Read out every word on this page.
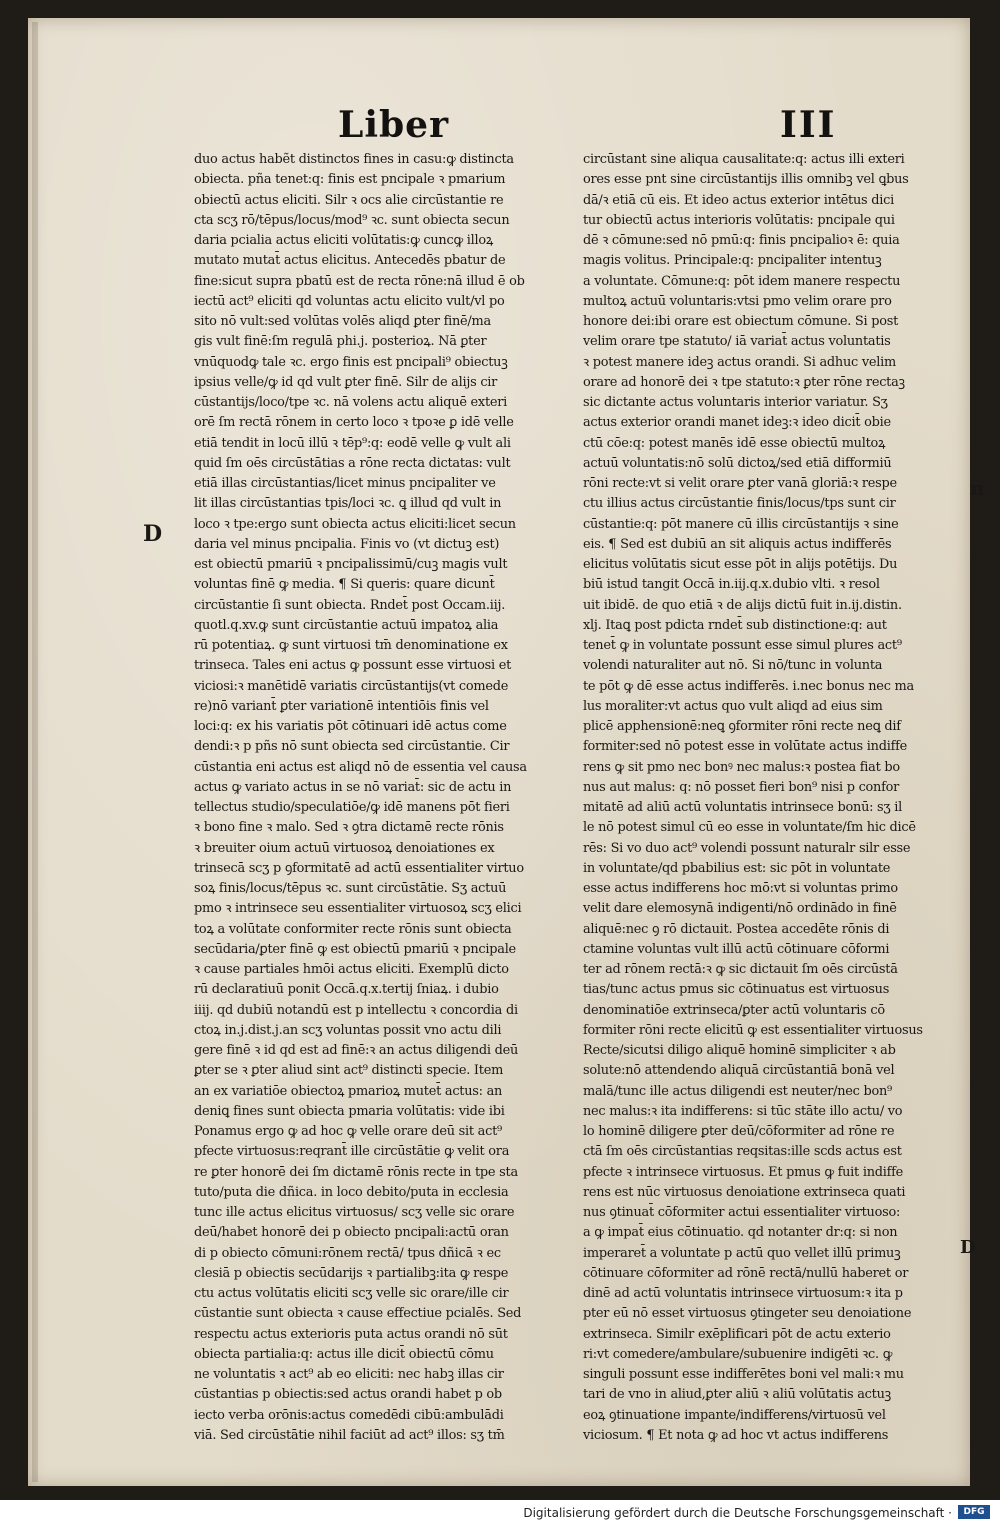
Liber	III
duo actus habẽt distinctos fines in casu:ꝙ distincta
obiecta. pña tenet:q: finis est pncipale ꝛ pmarium
obiectū actus eliciti. Silr ꝛ ocs alie circūstantie re
cta scʒ rō/tēpus/locus/mod⁹ ꝛc. sunt obiecta secun
daria pcialia actus eliciti volūtatis:ꝙ cuncꝙ illoꝝ
mutato mutat̄ actus elicitus. Antecedēs pbatur de
fine:sicut supra pbatū est de recta rōne:nā illud ē ob
iectū act⁹ eliciti qd voluntas actu elicito vult/vl po
sito nō vult:sed volūtas volēs aliqd ꝑter finē/ma
gis vult finē:ſm regulā phi.j. posterioꝝ. Nā ꝑter
vnūquodꝙ tale ꝛc. ergo finis est pncipali⁹ obiectuꝫ
ipsius velle/ꝙ id qd vult ꝑter finē. Silr de alijs cir
cūstantijs/loco/tpe ꝛc. nā volens actu aliquē exteri
orē ſm rectā rōnem in certo loco ꝛ tpoꝛe ꝑ idē velle
etiā tendit in locū illū ꝛ tēp⁹:q: eodē velle ꝙ vult ali
quid ſm oēs circūstātias a rōne recta dictatas: vult
etiā illas circūstantias/licet minus pncipaliter ve
lit illas circūstantias tpis/loci ꝛc. ꝗ illud qd vult in
loco ꝛ tpe:ergo sunt obiecta actus eliciti:licet secun
daria vel minus pncipalia. Finis vo (vt dictuꝫ est)
est obiectū pmariū ꝛ pncipalissimū/cuꝫ magis vult
voluntas finē ꝙ media. ¶ Si queris: quare dicunt̄
circūstantie ſi sunt obiecta. Rndet̄ post Occam.iij.
quotl.q.xv.ꝙ sunt circūstantie actuū impatoꝝ alia
rū potentiaꝝ. ꝙ sunt virtuosi tm̄ denominatione ex
trinseca. Tales eni actus ꝙ possunt esse virtuosi et
viciosi:ꝛ manētidē variatis circūstantijs(vt comede
re)nō variant̄ ꝑter variationē intentiōis finis vel
loci:q: ex his variatis pōt cōtinuari idē actus come
dendi:ꝛ p pñs nō sunt obiecta sed circūstantie. Cir
cūstantia eni actus est aliqd nō de essentia vel causa
actus ꝙ variato actus in se nō variat̄: sic de actu in
tellectus studio/speculatiōe/ꝙ idē manens pōt fieri
ꝛ bono fine ꝛ malo. Sed ꝛ ꝯtra dictamē recte rōnis
ꝛ breuiter oium actuū virtuosoꝝ denoiationes ex
trinsecā scʒ p ꝯformitatē ad actū essentialiter virtuo
soꝝ finis/locus/tēpus ꝛc. sunt circūstātie. Sʒ actuū
pmo ꝛ intrinsece seu essentialiter virtuosoꝝ scʒ elici
toꝝ a volūtate conformiter recte rōnis sunt obiecta
secūdaria/ꝑter finē ꝙ est obiectū pmariū ꝛ pncipale
ꝛ cause partiales hmōi actus eliciti. Exemplū dicto
rū declaratiuū ponit Occā.q.x.tertij ſniaꝝ. i dubio
iiij. qd dubiū notandū est p intellectu ꝛ concordia di
ctoꝝ in.j.dist.j.an scʒ voluntas possit vno actu dili
gere finē ꝛ id qd est ad finē:ꝛ an actus diligendi deū
ꝑter se ꝛ ꝑter aliud sint act⁹ distincti specie. Item
an ex variatiōe obiectoꝝ pmarioꝝ mutet̄ actus: an
deniꝗ fines sunt obiecta pmaria volūtatis: vide ibi
Ponamus ergo ꝙ ad hoc ꝙ velle orare deū sit act⁹
pfecte virtuosus:reqrant̄ ille circūstātie ꝙ velit ora
re ꝑter honorē dei ſm dictamē rōnis recte in tpe sta
tuto/puta die dñica. in loco debito/puta in ecclesia
tunc ille actus elicitus virtuosus/ scʒ velle sic orare
deū/habet honorē dei p obiecto pncipali:actū oran
di p obiecto cōmuni:rōnem rectā/ tpus dñicā ꝛ ec
clesiā p obiectis secūdarijs ꝛ partialibꝫ:ita ꝙ respe
ctu actus volūtatis eliciti scʒ velle sic orare/ille cir
cūstantie sunt obiecta ꝛ cause effectiue pcialēs. Sed
respectu actus exterioris puta actus orandi nō sūt
obiecta partialia:q: actus ille dicit̄ obiectū cōmu
ne voluntatis ꝛ act⁹ ab eo eliciti: nec habꝫ illas cir
cūstantias p obiectis:sed actus orandi habet p ob
iecto verba orōnis:actus comedēdi cibū:ambulādi
viā. Sed circūstātie nihil faciūt ad act⁹ illos: sʒ tm̄
circūstant sine aliqua causalitate:q: actus illi exteri
ores esse pnt sine circūstantijs illis omnibꝫ vel ꝗbus
dā/ꝛ etiā cū eis. Et ideo actus exterior intētus dici
tur obiectū actus interioris volūtatis: pncipale qui
dē ꝛ cōmune:sed nō pmū:q: finis pncipalioꝛ ē: quia
magis volitus. Principale:q: pncipaliter intentuꝫ
a voluntate. Cōmune:q: pōt idem manere respectu
multoꝝ actuū voluntaris:vtsi pmo velim orare pro
honore dei:ibi orare est obiectum cōmune. Si post
velim orare tpe statuto/ iā variat̄ actus voluntatis
ꝛ potest manere ideꝫ actus orandi. Si adhuc velim
orare ad honorē dei ꝛ tpe statuto:ꝛ ꝑter rōne rectaꝫ
sic dictante actus voluntaris interior variatur. Sʒ
actus exterior orandi manet ideꝫ:ꝛ ideo dicit̄ obie
ctū cōe:q: potest manēs idē esse obiectū multoꝝ
actuū voluntatis:nō solū dictoꝝ/sed etiā difformiū
rōni recte:vt si velit orare ꝑter vanā gloriā:ꝛ respe
ctu illius actus circūstantie finis/locus/tps sunt cir
cūstantie:q: pōt manere cū illis circūstantijs ꝛ sine
eis. ¶ Sed est dubiū an sit aliquis actus indifferēs
elicitus volūtatis sicut esse pōt in alijs potētijs. Du
biū istud tangit Occā in.iij.q.x.dubio vlti. ꝛ resol
uit ibidē. de quo etiā ꝛ de alijs dictū fuit in.ij.distin.
xlj. Itaꝗ post pdicta rndet̄ sub distinctione:q: aut
tenet̄ ꝙ in voluntate possunt esse simul plures act⁹
volendi naturaliter aut nō. Si nō/tunc in volunta
te pōt ꝙ dē esse actus indifferēs. i.nec bonus nec ma
lus moraliter:vt actus quo vult aliqd ad eius sim
plicē apphensionē:neꝗ ꝯformiter rōni recte neꝗ dif
formiter:sed nō potest esse in volūtate actus indiffe
rens ꝙ sit pmo nec bonꝰ nec malus:ꝛ postea fiat bo
nus aut malus: q: nō posset fieri bon⁹ nisi p confor
mitatē ad aliū actū voluntatis intrinsece bonū: sʒ il
le nō potest simul cū eo esse in voluntate/ſm hic dicē
rēs: Si vo duo act⁹ volendi possunt naturalr silr esse
in voluntate/qd pbabilius est: sic pōt in voluntate
esse actus indifferens hoc mō:vt si voluntas primo
velit dare elemosynā indigenti/nō ordinādo in finē
aliquē:nec ꝯ rō dictauit. Postea accedēte rōnis di
ctamine voluntas vult illū actū cōtinuare cōformi
ter ad rōnem rectā:ꝛ ꝙ sic dictauit ſm oēs circūstā
tias/tunc actus pmus sic cōtinuatus est virtuosus
denominatiōe extrinseca/ꝑter actū voluntaris cō
formiter rōni recte elicitū ꝙ est essentialiter virtuosus
Recte/sicutsi diligo aliquē hominē simpliciter ꝛ ab
solute:nō attendendo aliquā circūstantiā bonā vel
malā/tunc ille actus diligendi est neuter/nec bon⁹
nec malus:ꝛ ita indifferens: si tūc stāte illo actu/ vo
lo hominē diligere ꝑter deū/cōformiter ad rōne re
ctā ſm oēs circūstantias reqsitas:ille scds actus est
pfecte ꝛ intrinsece virtuosus. Et pmus ꝙ fuit indiffe
rens est nūc virtuosus denoiatione extrinseca quati
nus ꝯtinuat̄ cōformiter actui essentialiter virtuoso:
a ꝙ impat̄ eius cōtinuatio. qd notanter dr:q: si non
imperaret̄ a voluntate p actū quo vellet illū primuꝫ
cōtinuare cōformiter ad rōnē rectā/nullū haberet or
dinē ad actū voluntatis intrinsece virtuosum:ꝛ ita p
pter eū nō esset virtuosus ꝯtingeter seu denoiatione
extrinseca. Similr exēplificari pōt de actu exterio
ri:vt comedere/ambulare/subuenire indigēti ꝛc. ꝙ
singuli possunt esse indifferētes boni vel mali:ꝛ mu
tari de vno in aliud,ꝑter aliū ꝛ aliū volūtatis actuꝫ
eoꝝ ꝯtinuatione impante/indifferens/virtuosū vel
viciosum. ¶ Et nota ꝙ ad hoc vt actus indifferens
D
n
D
Digitalisierung gefördert durch die Deutsche Forschungsgemeinschaft ·	DFG
